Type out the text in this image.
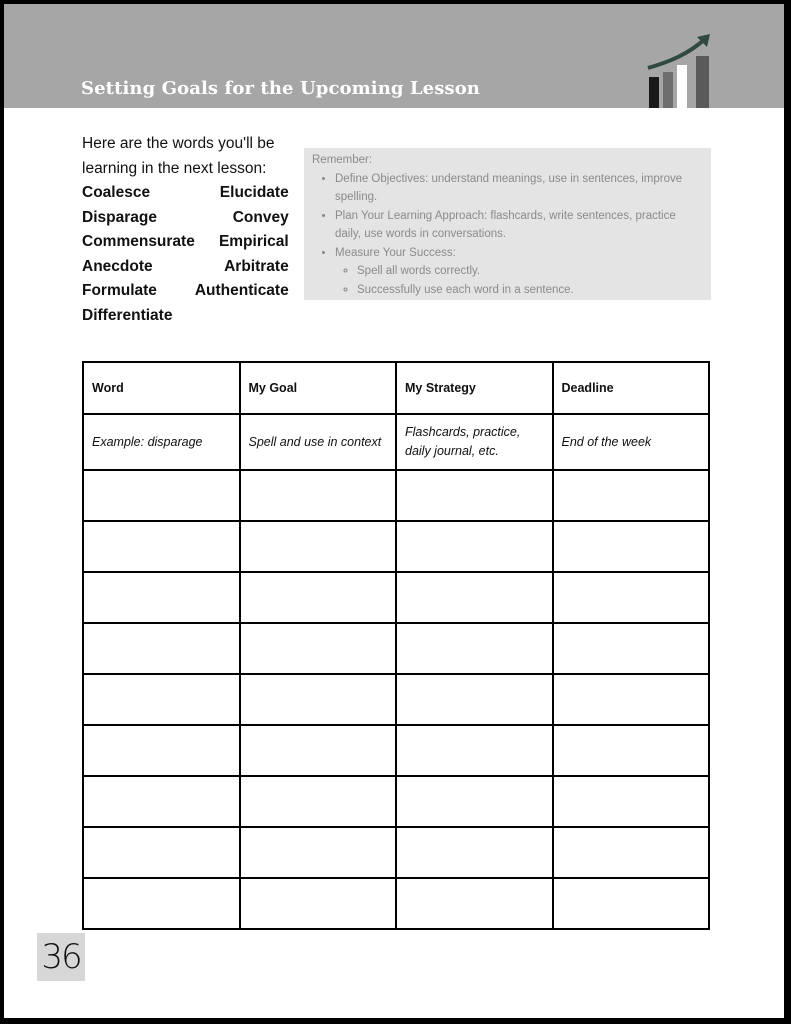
Setting Goals for the Upcoming Lesson

Here are the words you'll be learning in the next lesson:

Coalesce	Elucidate
Disparage	Convey
Commensurate	Empirical
Anecdote	Arbitrate
Formulate	Authenticate
Differentiate

Remember:

• Define Objectives: understand meanings, use in sentences, improve spelling.
• Plan Your Learning Approach: flashcards, write sentences, practice daily, use words in conversations.
• Measure Your Success:
◦ Spell all words correctly.
◦ Successfully use each word in a sentence.
Word	My Goal	My Strategy	Deadline
Example: disparage	Spell and use in context	Flashcards, practice, daily journal, etc.	End of the week

36
